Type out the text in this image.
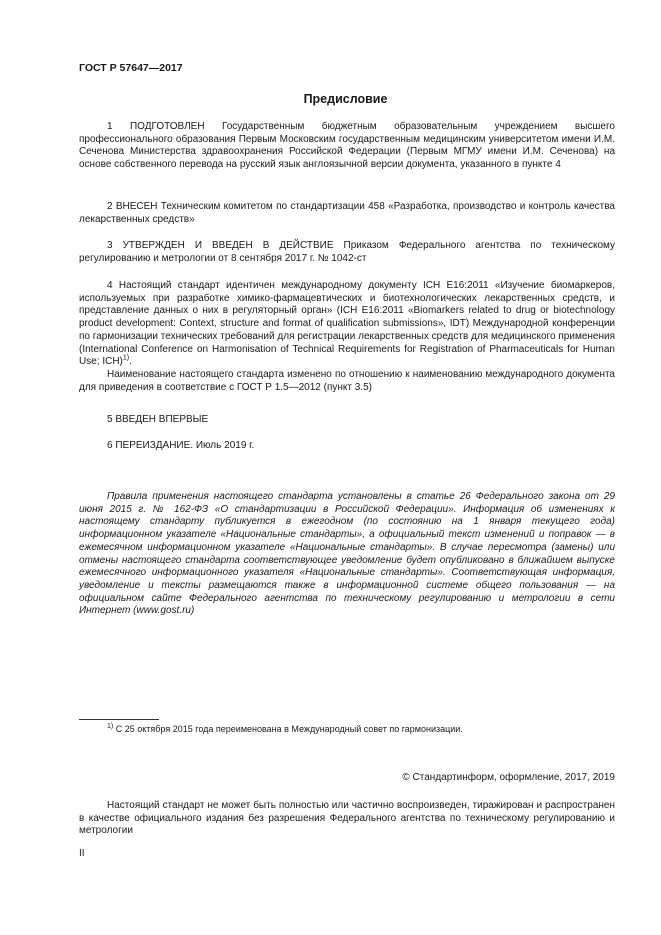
ГОСТ Р 57647—2017
Предисловие

1 ПОДГОТОВЛЕН Государственным бюджетным образовательным учреждением высшего профессионального образования Первым Московским государственным медицинским университетом имени И.М. Сеченова Министерства здравоохранения Российской Федерации (Первым МГМУ имени И.М. Сеченова) на основе собственного перевода на русский язык англоязычной версии документа, указанного в пункте 4

2 ВНЕСЕН Техническим комитетом по стандартизации 458 «Разработка, производство и контроль качества лекарственных средств»

3 УТВЕРЖДЕН И ВВЕДЕН В ДЕЙСТВИЕ Приказом Федерального агентства по техническому регулированию и метрологии от 8 сентября 2017 г. № 1042-ст

4 Настоящий стандарт идентичен международному документу ICH E16:2011 «Изучение биомаркеров, используемых при разработке химико-фармацевтических и биотехнологических лекарственных средств, и представление данных о них в регуляторный орган» (ICH E16:2011 «Biomarkers related to drug or biotechnology product development: Context, structure and format of qualification submissions», IDT) Международной конференции по гармонизации технических требований для регистрации лекарственных средств для медицинского применения (International Conference on Harmonisation of Technical Requirements for Registration of Pharmaceuticals for Human Use; ICH)$^{1)}$.

Наименование настоящего стандарта изменено по отношению к наименованию международного документа для приведения в соответствие с ГОСТ Р 1.5—2012 (пункт 3.5)

5 ВВЕДЕН ВПЕРВЫЕ

6 ПЕРЕИЗДАНИЕ. Июль 2019 г.

Правила применения настоящего стандарта установлены в статье 26 Федерального закона от 29 июня 2015 г. № 162-ФЗ «О стандартизации в Российской Федерации». Информация об изменениях к настоящему стандарту публикуется в ежегодном (по состоянию на 1 января текущего года) информационном указателе «Национальные стандарты», а официальный текст изменений и поправок — в ежемесячном информационном указателе «Национальные стандарты». В случае пересмотра (замены) или отмены настоящего стандарта соответствующее уведомление будет опубликовано в ближайшем выпуске ежемесячного информационного указателя «Национальные стандарты». Соответствующая информация, уведомление и тексты размещаются также в информационной системе общего пользования — на официальном сайте Федерального агентства по техническому регулированию и метрологии в сети Интернет (www.gost.ru)

$^{1)}$ С 25 октября 2015 года переименована в Международный совет по гармонизации.
© Стандартинформ, оформление, 2017, 2019

Настоящий стандарт не может быть полностью или частично воспроизведен, тиражирован и распространен в качестве официального издания без разрешения Федерального агентства по техническому регулированию и метрологии

II
